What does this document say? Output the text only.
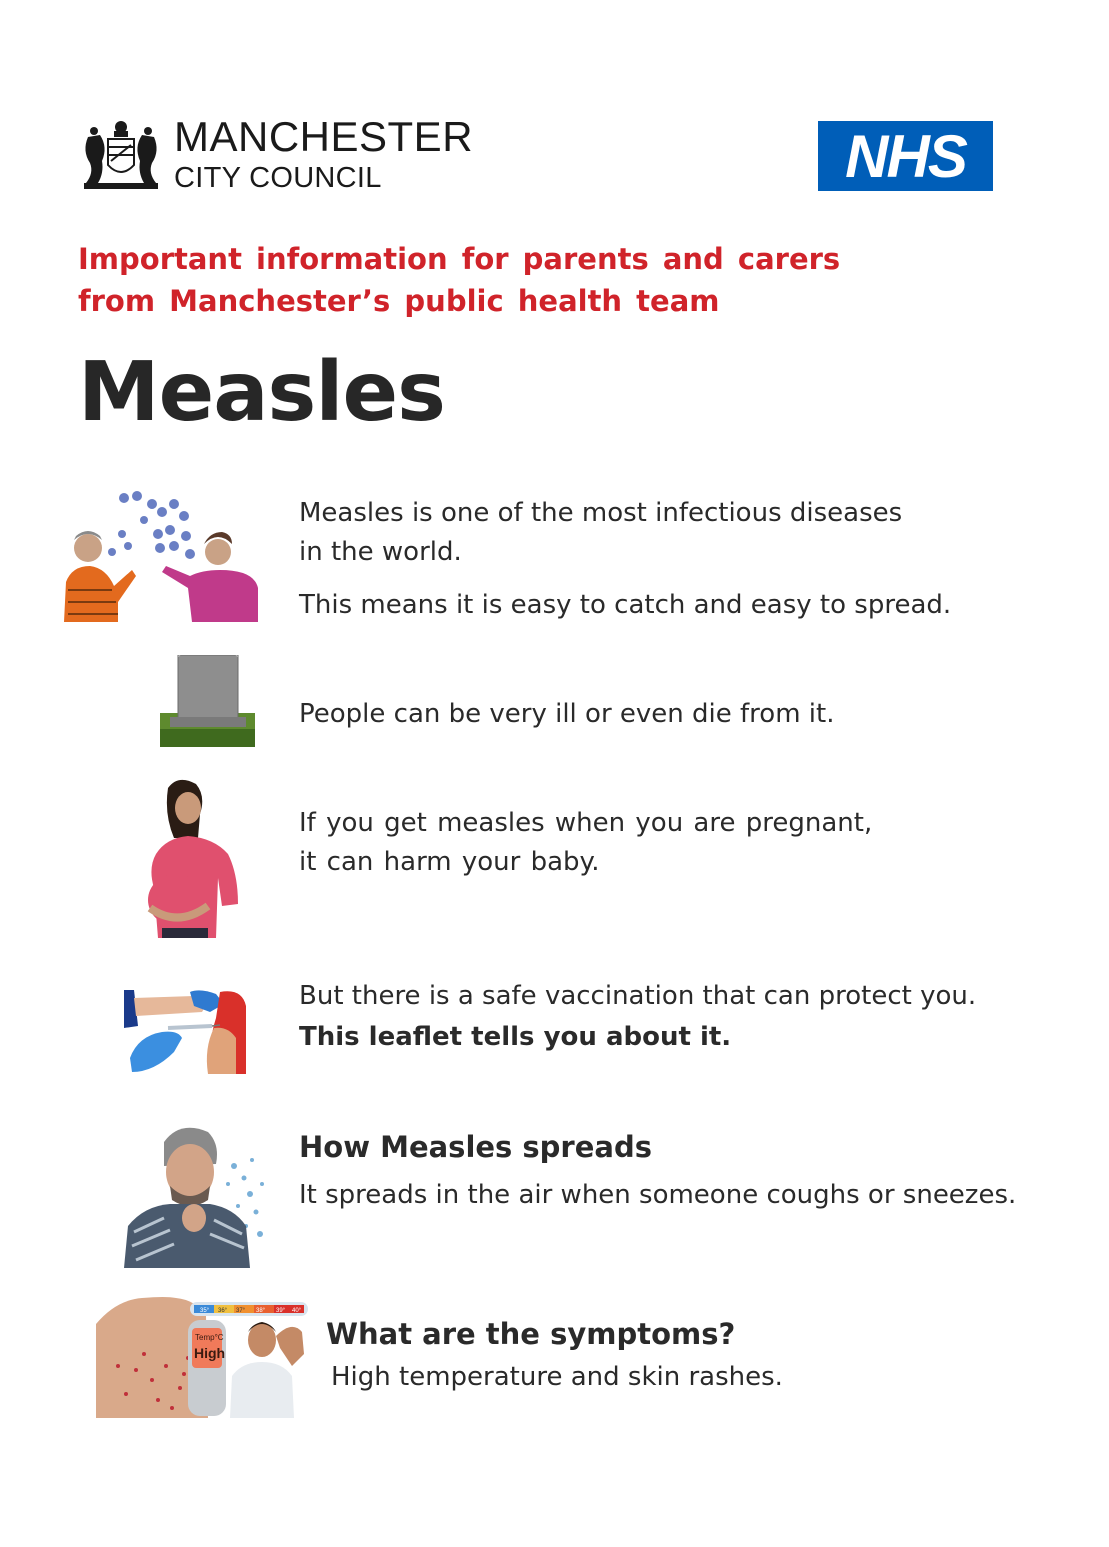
MANCHESTER
CITY COUNCIL	NHS
Important information for parents and carers
from Manchester’s public health team
Measles

Measles is one of the most infectious diseases

in the world.

This means it is easy to catch and easy to spread.

People can be very ill or even die from it.

If you get measles when you are pregnant,

it can harm your baby.

But there is a safe vaccination that can protect you.

This leaflet tells you about it.

How Measles spreads

It spreads in the air when someone coughs or sneezes.

35° 36° 37° 38° 39° 40°
Temp°C
High
What are the symptoms?

High temperature and skin rashes.
